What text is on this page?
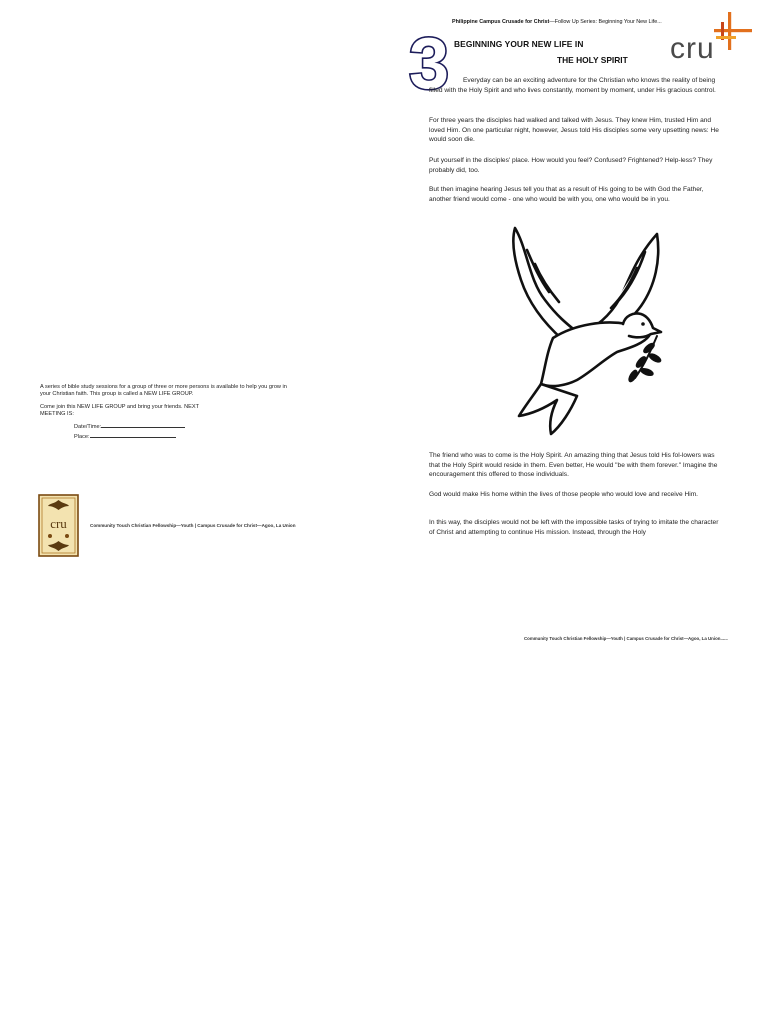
Philippine Campus Crusade for Christ—Follow Up Series: Beginning Your New Life...
3 BEGINNING YOUR NEW LIFE IN
THE HOLY SPIRIT cru

Everyday can be an exciting adventure for the Christian who knows the reality of being filled with the Holy Spirit and who lives constantly, moment by moment, under His gracious control.

For three years the disciples had walked and talked with Jesus. They knew Him, trusted Him and loved Him. On one particular night, however, Jesus told His disciples some very upsetting news: He would soon die.

Put yourself in the disciples' place. How would you feel? Confused? Frightened? Help-less? They probably did, too.

But then imagine hearing Jesus tell you that as a result of His going to be with God the Father, another friend would come - one who would be with you, one who would be in you.

The friend who was to come is the Holy Spirit. An amazing thing that Jesus told His fol-lowers was that the Holy Spirit would reside in them. Even better, He would "be with them forever." Imagine the encouragement this offered to those individuals.

God would make His home within the lives of those people who would love and receive Him.

In this way, the disciples would not be left with the impossible tasks of trying to imitate the character of Christ and attempting to continue His mission. Instead, through the Holy

Community Touch Christian Fellowship—Youth | Campus Crusade for Christ—Agoo, La Union......

A series of bible study sessions for a group of three or more persons is available to help you grow in your Christian faith. This group is called a NEW LIFE GROUP.

Come join this NEW LIFE GROUP and bring your friends. NEXT MEETING IS:

Date/Time:
Place:
cru	Community Touch Christian Fellowship—Youth | Campus Crusade for Christ—Agoo, La Union
